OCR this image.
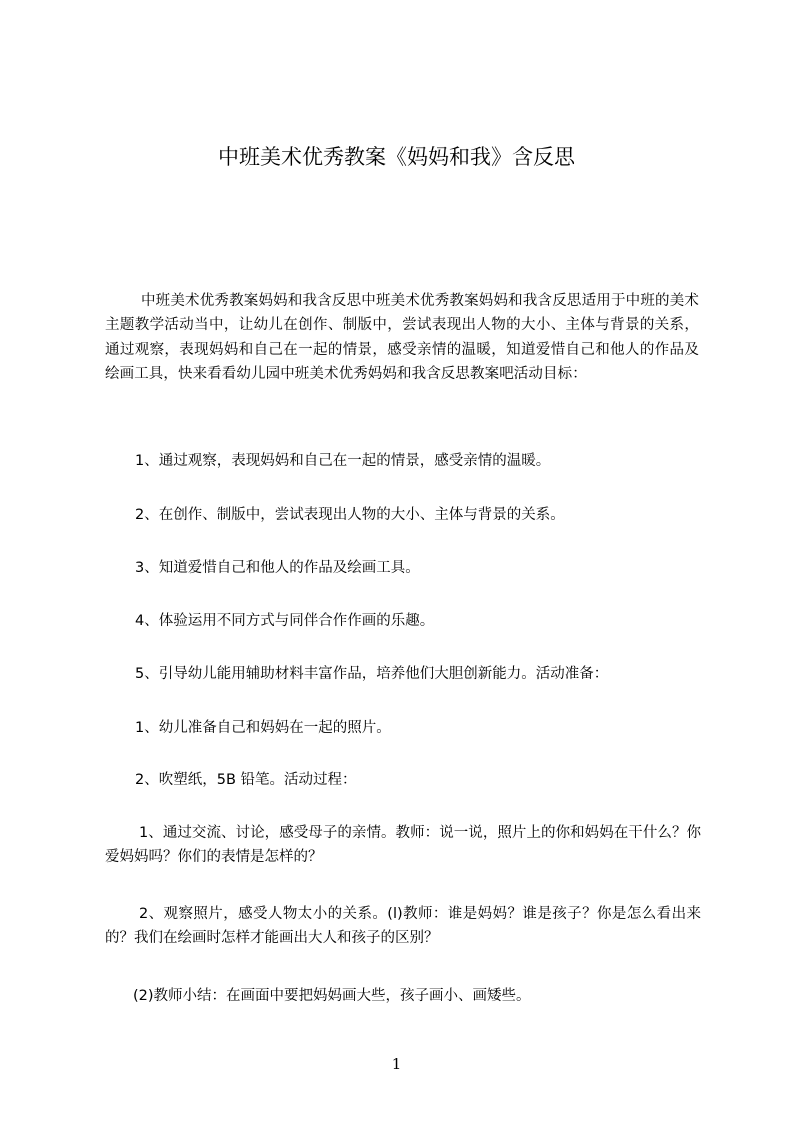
中班美术优秀教案《妈妈和我》含反思
中班美术优秀教案妈妈和我含反思中班美术优秀教案妈妈和我含反思适用于中班的美术主题教学活动当中，让幼儿在创作、制版中，尝试表现出人物的大小、主体与背景的关系，通过观察，表现妈妈和自己在一起的情景，感受亲情的温暖，知道爱惜自己和他人的作品及绘画工具，快来看看幼儿园中班美术优秀妈妈和我含反思教案吧活动目标：
1、通过观察，表现妈妈和自己在一起的情景，感受亲情的温暖。
2、在创作、制版中，尝试表现出人物的大小、主体与背景的关系。
3、知道爱惜自己和他人的作品及绘画工具。
4、体验运用不同方式与同伴合作作画的乐趣。
5、引导幼儿能用辅助材料丰富作品，培养他们大胆创新能力。活动准备：
1、幼儿准备自己和妈妈在一起的照片。
2、吹塑纸，5B 铅笔。活动过程：
1、通过交流、讨论，感受母子的亲情。教师：说一说，照片上的你和妈妈在干什么？你爱妈妈吗？你们的表情是怎样的？
2、观察照片，感受人物太小的关系。(l)教师：谁是妈妈？谁是孩子？你是怎么看出来的？我们在绘画时怎样才能画出大人和孩子的区别？
(2)教师小结：在画面中要把妈妈画大些，孩子画小、画矮些。
1
